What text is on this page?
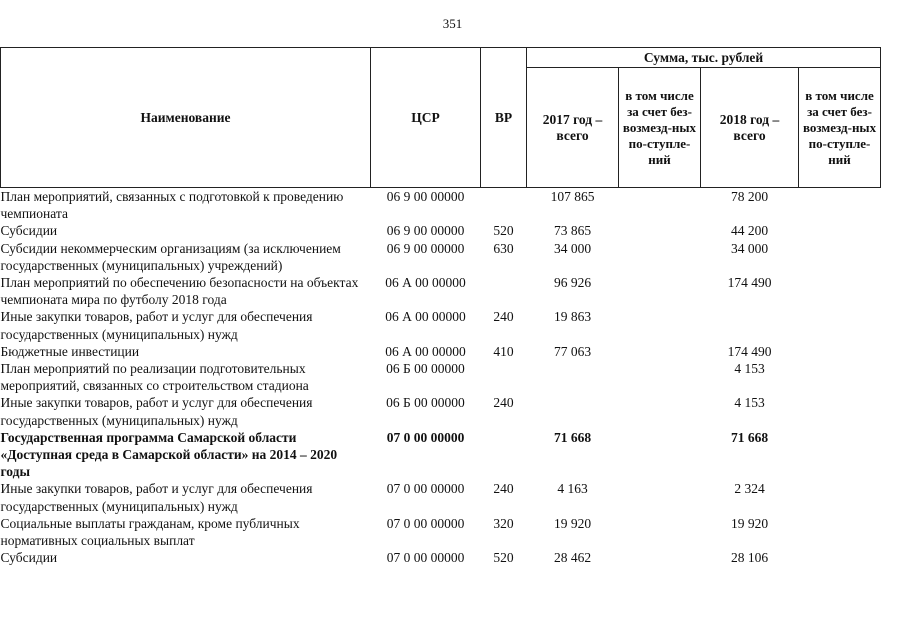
351
Наименование	ЦСР	ВР	Сумма, тыс. рублей			
			2017 год – всего	в том числе за счет без-возмезд-ных по-ступле-ний	2018 год – всего	в том числе за счет без-возмезд-ных по-ступле-ний
План мероприятий, связанных с подготовкой к проведению чемпионата	06 9 00 00000		107 865		78 200	
Субсидии	06 9 00 00000	520	73 865		44 200	
Субсидии некоммерческим организациям (за исключением государственных (муниципальных) учреждений)	06 9 00 00000	630	34 000		34 000	
План мероприятий по обеспечению безопасности на объектах чемпионата мира по футболу 2018 года	06 А 00 00000		96 926		174 490	
Иные закупки товаров, работ и услуг для обеспечения государственных (муниципальных) нужд	06 А 00 00000	240	19 863			
Бюджетные инвестиции	06 А 00 00000	410	77 063		174 490	
План мероприятий по реализации подготовительных мероприятий, связанных со строительством стадиона	06 Б 00 00000				4 153	
Иные закупки товаров, работ и услуг для обеспечения государственных (муниципальных) нужд	06 Б 00 00000	240			4 153	
Государственная программа Самарской области «Доступная среда в Самарской области» на 2014 – 2020 годы	07 0 00 00000		71 668		71 668	
Иные закупки товаров, работ и услуг для обеспечения государственных (муниципальных) нужд	07 0 00 00000	240	4 163		2 324	
Социальные выплаты гражданам, кроме публичных нормативных социальных выплат	07 0 00 00000	320	19 920		19 920	
Субсидии	07 0 00 00000	520	28 462		28 106	
